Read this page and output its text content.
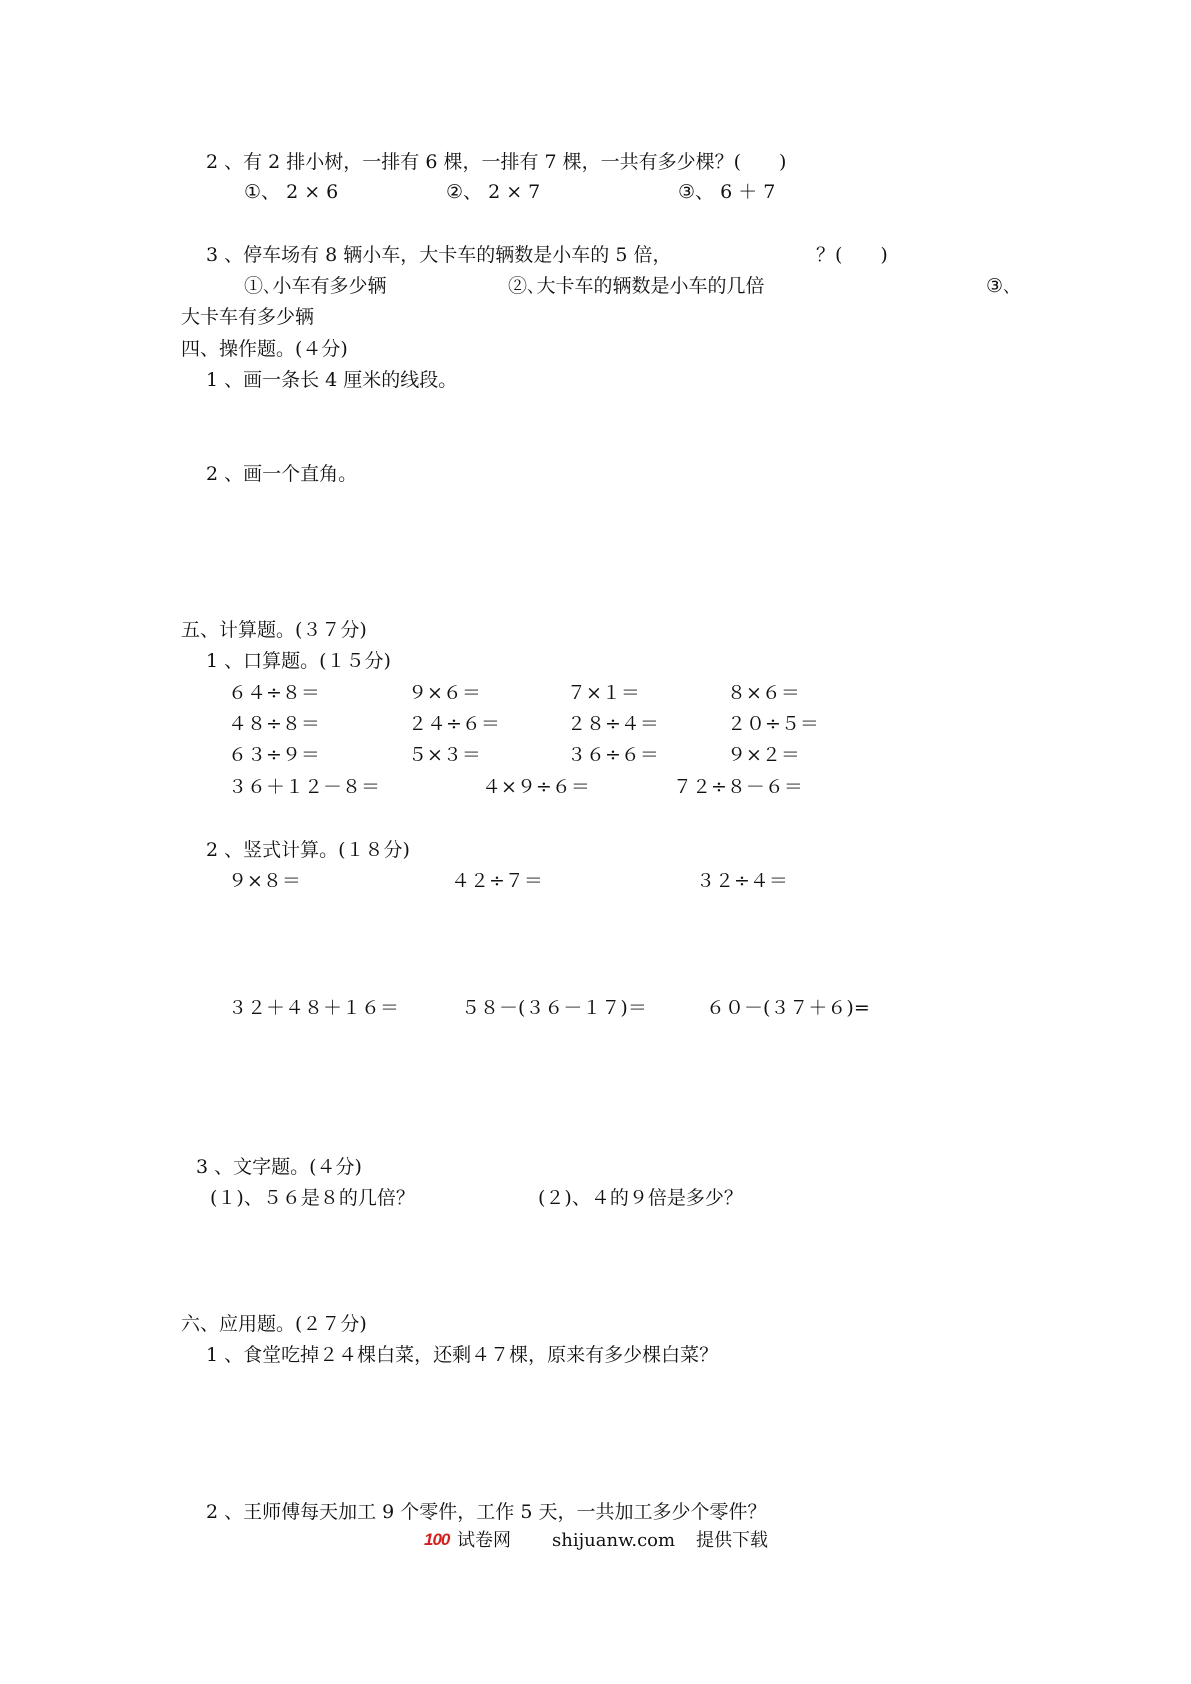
2 、有 2 排小树，一排有 6 棵，一排有 7 棵，一共有多少棵？(　　)
①、 2 × 6	②、 2 × 7	③、 6 ＋ 7
3 、停车场有 8 辆小车，大卡车的辆数是小车的 5 倍，	？(　　)
①､小车有多少辆	②､大卡车的辆数是小车的几倍	③､
大卡车有多少辆
四、操作题。(４分)
1 、画一条长 4 厘米的线段。
2 、画一个直角。
五、计算题。(３７分)
1 、口算题。(１５分)
６４÷８＝	９×６＝	７×１＝	８×６＝
４８÷８＝	２４÷６＝	２８÷４＝	２０÷５＝
６３÷９＝	５×３＝	３６÷６＝	９×２＝
３６＋１２－８＝	４×９÷６＝	７２÷８－６＝
2 、竖式计算。(１８分)
９×８＝	４２÷７＝	３２÷４＝
３２＋４８＋１６＝	５８－(３６－１７)＝	６０－(３７＋６)=
3 、文字题。(４分)
(１)、５６是８的几倍？	(２)、４的９倍是多少？
六、应用题。(２７分)
1 、食堂吃掉２４棵白菜，还剩４７棵，原来有多少棵白菜？
2 、王师傅每天加工 9 个零件，工作 5 天，一共加工多少个零件？
100 试卷网 shijuanw.com 提供下载
